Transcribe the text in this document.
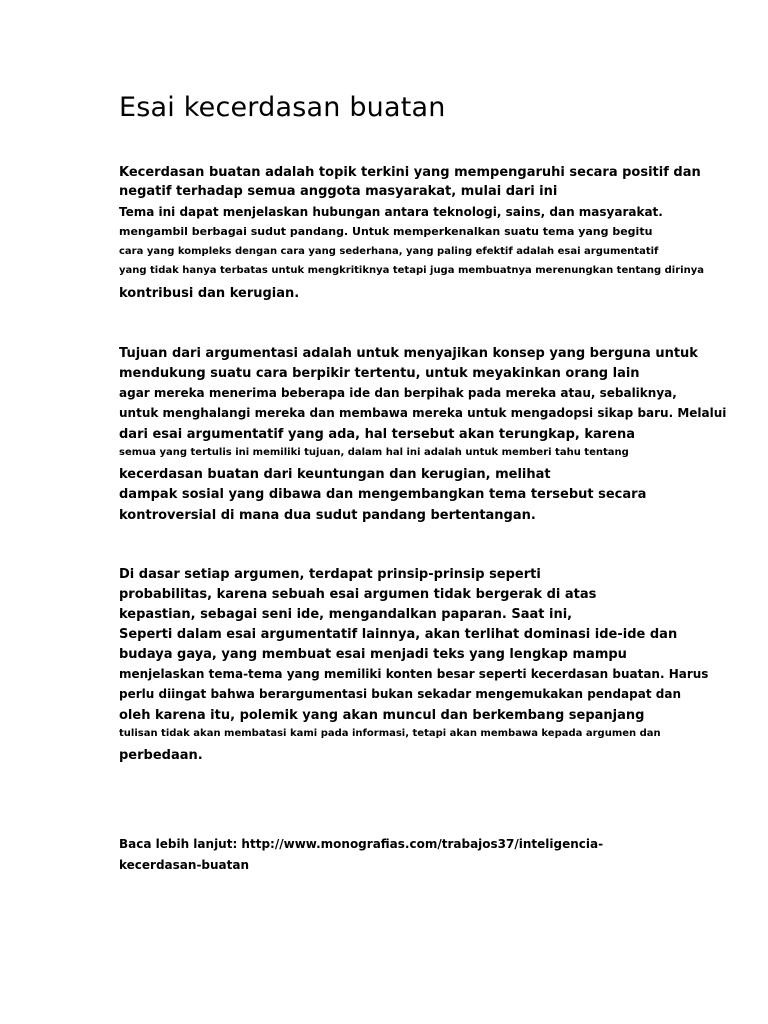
Esai kecerdasan buatan
Kecerdasan buatan adalah topik terkini yang mempengaruhi secara positif dan
negatif terhadap semua anggota masyarakat, mulai dari ini
Tema ini dapat menjelaskan hubungan antara teknologi, sains, dan masyarakat.
mengambil berbagai sudut pandang. Untuk memperkenalkan suatu tema yang begitu
cara yang kompleks dengan cara yang sederhana, yang paling efektif adalah esai argumentatif
yang tidak hanya terbatas untuk mengkritiknya tetapi juga membuatnya merenungkan tentang dirinya
kontribusi dan kerugian.
Tujuan dari argumentasi adalah untuk menyajikan konsep yang berguna untuk
mendukung suatu cara berpikir tertentu, untuk meyakinkan orang lain
agar mereka menerima beberapa ide dan berpihak pada mereka atau, sebaliknya,
untuk menghalangi mereka dan membawa mereka untuk mengadopsi sikap baru. Melalui
dari esai argumentatif yang ada, hal tersebut akan terungkap, karena
semua yang tertulis ini memiliki tujuan, dalam hal ini adalah untuk memberi tahu tentang
kecerdasan buatan dari keuntungan dan kerugian, melihat
dampak sosial yang dibawa dan mengembangkan tema tersebut secara
kontroversial di mana dua sudut pandang bertentangan.
Di dasar setiap argumen, terdapat prinsip-prinsip seperti
probabilitas, karena sebuah esai argumen tidak bergerak di atas
kepastian, sebagai seni ide, mengandalkan paparan. Saat ini,
Seperti dalam esai argumentatif lainnya, akan terlihat dominasi ide-ide dan
budaya gaya, yang membuat esai menjadi teks yang lengkap mampu
menjelaskan tema-tema yang memiliki konten besar seperti kecerdasan buatan. Harus
perlu diingat bahwa berargumentasi bukan sekadar mengemukakan pendapat dan
oleh karena itu, polemik yang akan muncul dan berkembang sepanjang
tulisan tidak akan membatasi kami pada informasi, tetapi akan membawa kepada argumen dan
perbedaan.
Baca lebih lanjut: http://www.monografias.com/trabajos37/inteligencia-
kecerdasan-buatan
